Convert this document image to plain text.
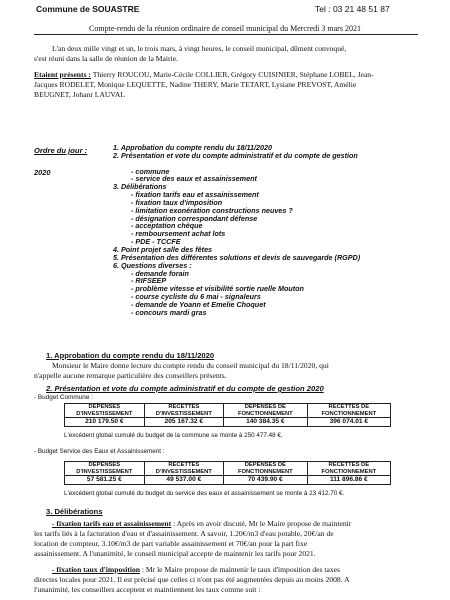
Commune de SOUASTRE	Tel : 03 21 48 51 87
Compte-rendu de la réunion ordinaire de conseil municipal du Mercredi 3 mars 2021
L'an deux mille vingt et un, le trois mars, à vingt heures, le conseil municipal, dûment convoqué,
s'est réuni dans la salle de réunion de la Mairie.
Etaient présents : Thierry ROUCOU, Marie-Cécile COLLIER, Grégory CUISINIER, Stéphane LOBEL, Jean-
Jacques RODELET, Monique LEQUETTE, Nadine THERY, Marie TETART, Lysiane PREVOST, Amélie
BEUGNET, Johanr LAUVAL
Ordre du jour :
2020
1. Approbation du compte rendu du 18/11/2020
2. Présentation et vote du compte administratif et du compte de gestion
- commune
- service des eaux et assainissement
3. Délibérations
- fixation tarifs eau et assainissement
- fixation taux d'imposition
- limitation exonération constructions neuves ?
- désignation correspondant défense
- acceptation chèque
- remboursement achat lots
- PDE - TCCFE
4. Point projet salle des fêtes
5. Présentation des différentes solutions et devis de sauvegarde (RGPD)
6. Questions diverses :
- demande forain
- RIFSEEP
- problème vitesse et visibilité sortie ruelle Mouton
- course cycliste du 6 mai - signaleurs
- demande de Yoann et Emelie Choquet
- concours mardi gras
1. Approbation du compte rendu du 18/11/2020
Monsieur le Maire donne lecture du compte rendu du conseil municipal du 18/11/2020, qui
n'appelle aucune remarque particulière des conseillers présents.
2. Présentation et vote du compte administratif et du compte de gestion 2020
- Budget Commune :
DEPENSES D'INVESTISSEMENT	RECETTES D'INVESTISSEMENT	DEPENSES DE FONCTIONNEMENT	RECETTES DE FONCTIONNEMENT
210 179.50 €	205 167.32 €	140 384.35 €	396 074.01 €
L'excédent global cumulé du budget de la commune se monte à 250 477.48 €.
- Budget Service des Eaux et Assainissement :
DEPENSES D'INVESTISSEMENT	RECETTES D'INVESTISSEMENT	DEPENSES DE FONCTIONNEMENT	RECETTES DE FONCTIONNEMENT
57 581.25 €	49 537.00 €	70 439.90 €	111 896.86 €
L'excédent global cumulé du budget du service des eaux et assainissement se monte à 23 412.70 €.
3. Délibérations
- fixation tarifs eau et assainissement : Après en avoir discuté, Mr le Maire propose de maintenir
les tarifs liés à la facturation d'eau et d'assainissement. A savoir, 1.20€/m3 d'eau potable, 20€/an de
location de compteur, 3.10€/m3 de part variable assainissement et 70€/an pour la part fixe
assainissement. A l'unanimité, le conseil municipal accepte de maintenir les tarifs pour 2021.
- fixation taux d'imposition : Mr le Maire propose de maintenir le taux d'imposition des taxes
directes locales pour 2021. Il est précisé que celles ci n'ont pas été augmentées depuis au moins 2008. A
l'unanimité, les conseillers acceptent et maintiennent les taux comme suit :
